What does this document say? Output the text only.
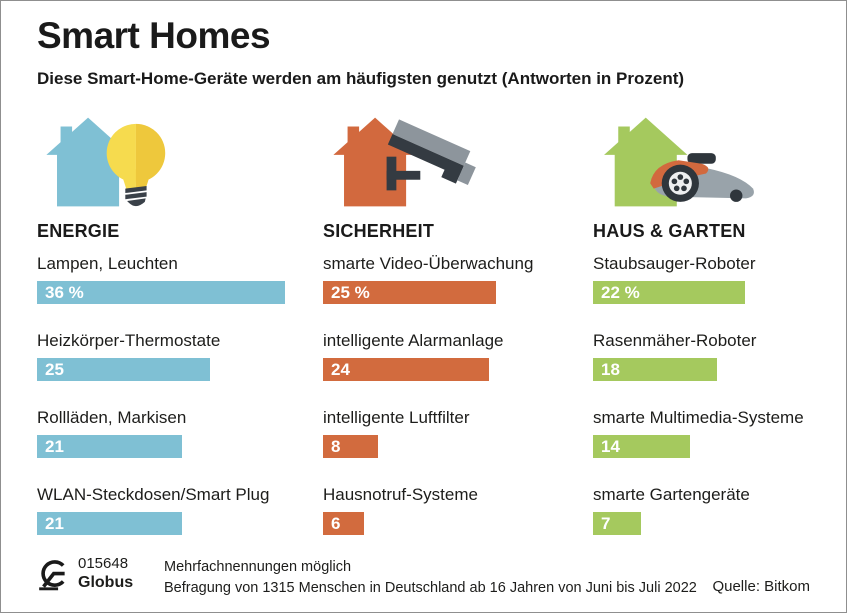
Smart Homes
Diese Smart-Home-Geräte werden am häufigsten genutzt (Antworten in Prozent)
ENERGIE
Lampen, Leuchten
36 %
Heizkörper-Thermostate
25
Rollläden, Markisen
21
WLAN-Steckdosen/Smart Plug
21
SICHERHEIT
smarte Video-Überwachung
25 %
intelligente Alarmanlage
24
intelligente Luftfilter
8
Hausnotruf-Systeme
6
HAUS & GARTEN
Staubsauger-Roboter
22 %
Rasenmäher-Roboter
18
smarte Multimedia-Systeme
14
smarte Gartengeräte
7
015648
Globus
Mehrfachnennungen möglich
Befragung von 1315 Menschen in Deutschland ab 16 Jahren von Juni bis Juli 2022 Quelle: Bitkom
